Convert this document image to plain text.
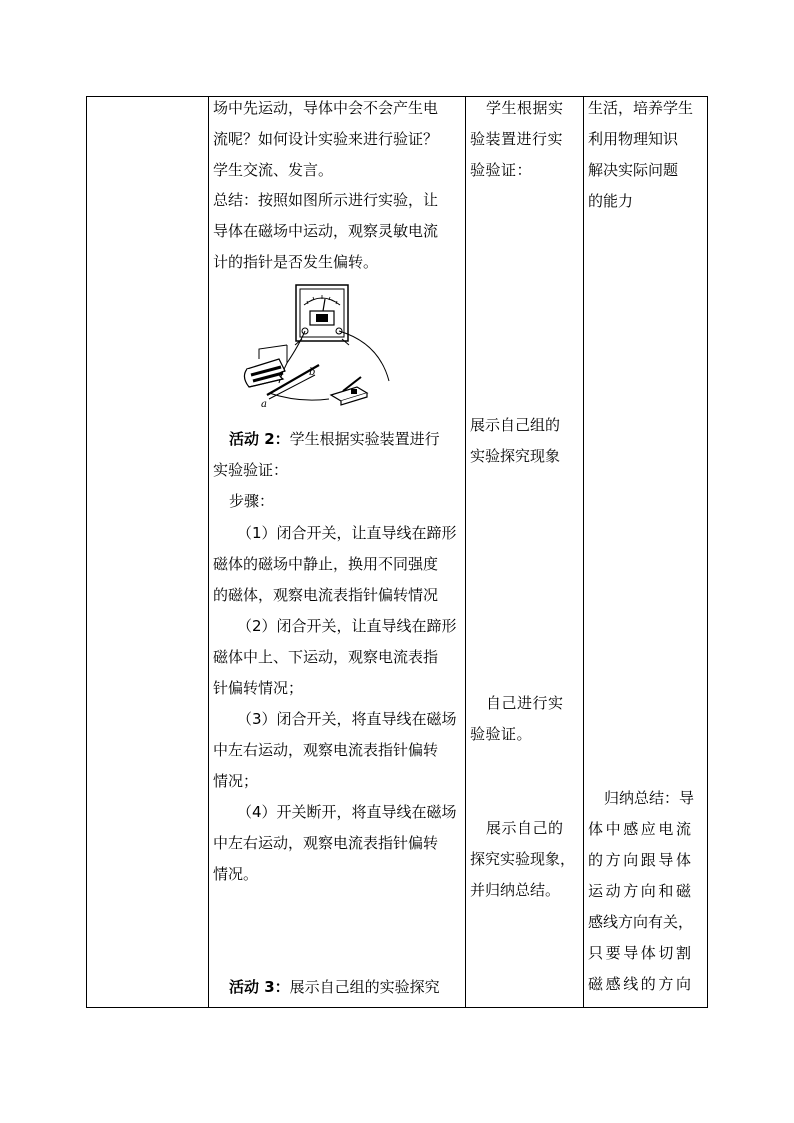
场中先运动，导体中会不会产生电
流呢？如何设计实验来进行验证？
学生交流、发言。
总结：按照如图所示进行实验，让
导体在磁场中运动，观察灵敏电流
计的指针是否发生偏转。
a
b
活动 2：学生根据实验装置进行
实验验证：
步骤：
（1）闭合开关，让直导线在蹄形
磁体的磁场中静止，换用不同强度
的磁体，观察电流表指针偏转情况
（2）闭合开关，让直导线在蹄形
磁体中上、下运动，观察电流表指
针偏转情况；
（3）闭合开关，将直导线在磁场
中左右运动，观察电流表指针偏转
情况；
（4）开关断开，将直导线在磁场
中左右运动，观察电流表指针偏转
情况。
活动 3：展示自己组的实验探究
学生根据实
验装置进行实
验验证：
展示自己组的
实验探究现象
自己进行实
验验证。
展示自己的
探究实验现象，
并归纳总结。
生活，培养学生
利用物理知识
解决实际问题
的能力
归纳总结：导
体中感应电流
的方向跟导体
运动方向和磁
感线方向有关，
只要导体切割
磁感线的方向
